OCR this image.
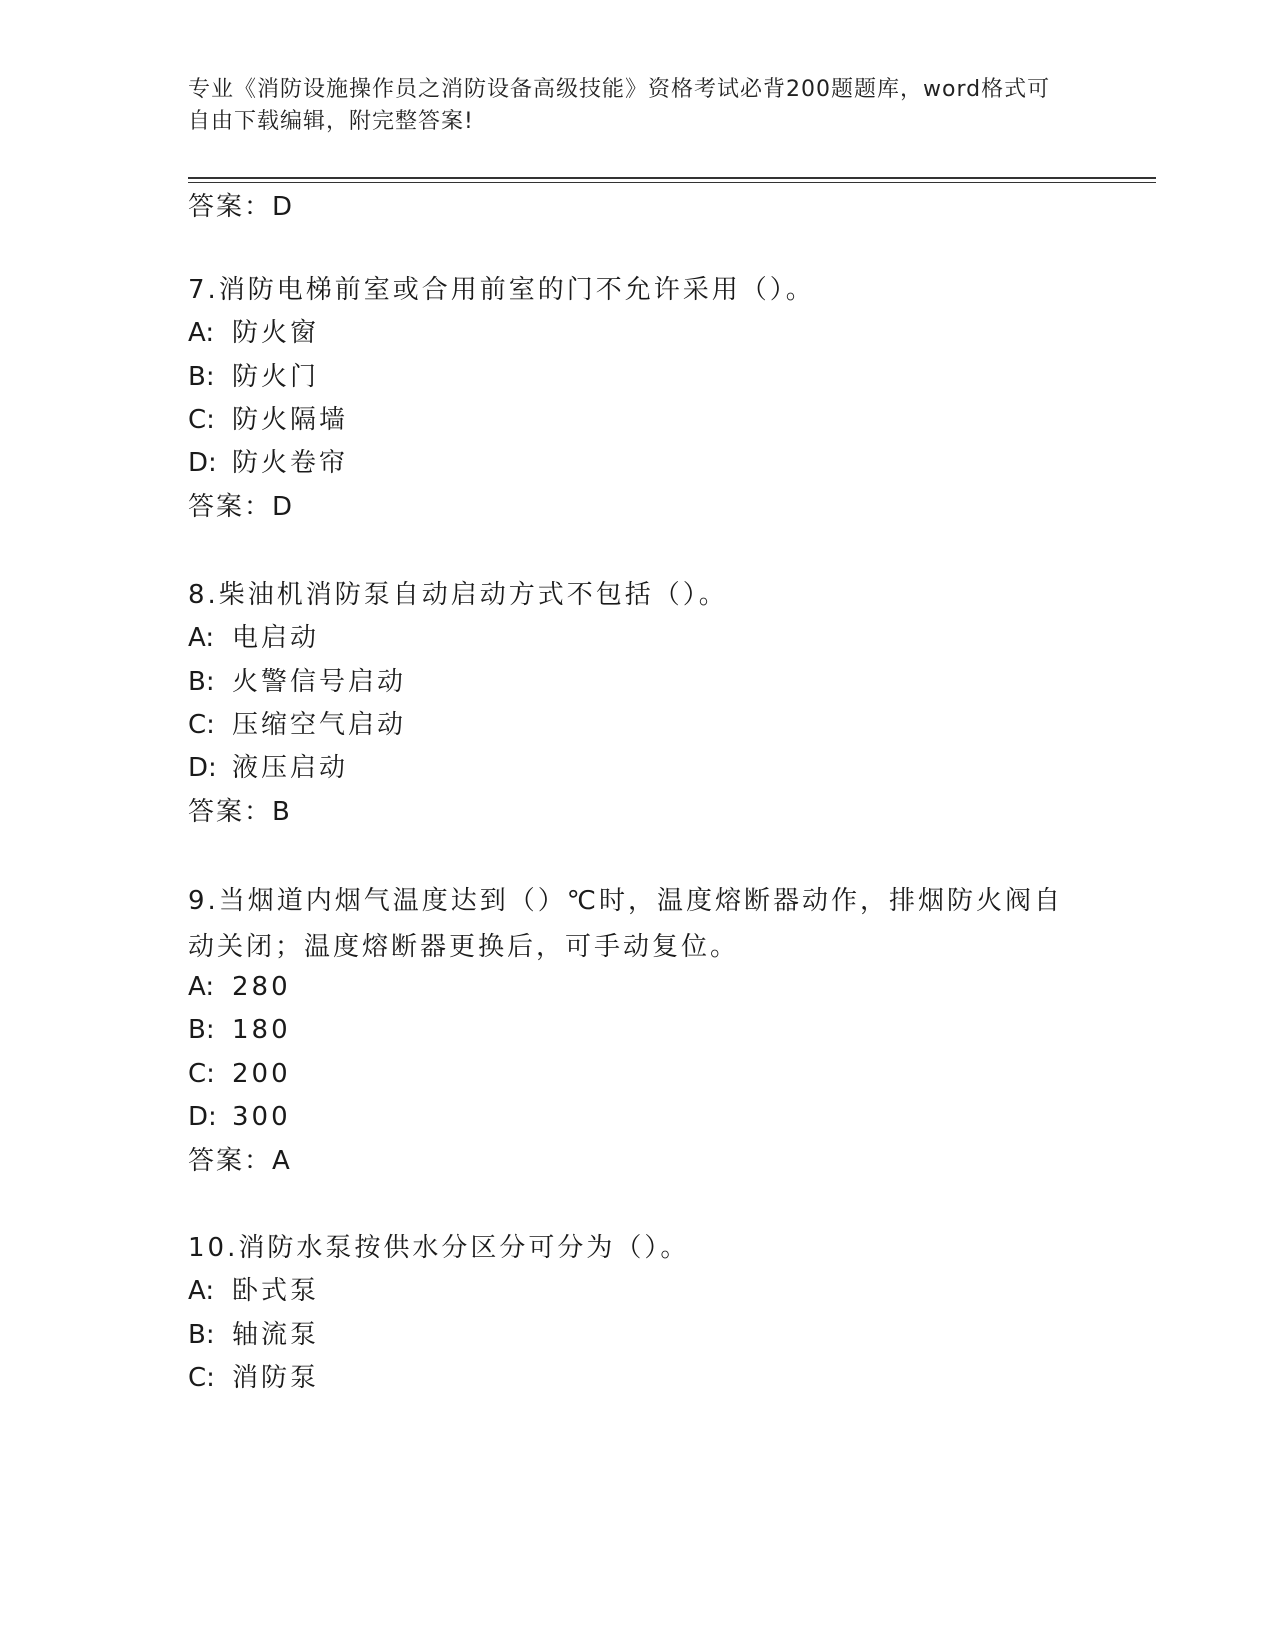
专业《消防设施操作员之消防设备高级技能》资格考试必背200题题库，word格式可自由下载编辑，附完整答案!
答案：D
7.消防电梯前室或合用前室的门不允许采用（）。
A: 防火窗
B: 防火门
C: 防火隔墙
D: 防火卷帘
答案：D
8.柴油机消防泵自动启动方式不包括（）。
A: 电启动
B: 火警信号启动
C: 压缩空气启动
D: 液压启动
答案：B
9.当烟道内烟气温度达到（）℃时，温度熔断器动作，排烟防火阀自动关闭；温度熔断器更换后，可手动复位。
A: 280
B: 180
C: 200
D: 300
答案：A
10.消防水泵按供水分区分可分为（）。
A: 卧式泵
B: 轴流泵
C: 消防泵
